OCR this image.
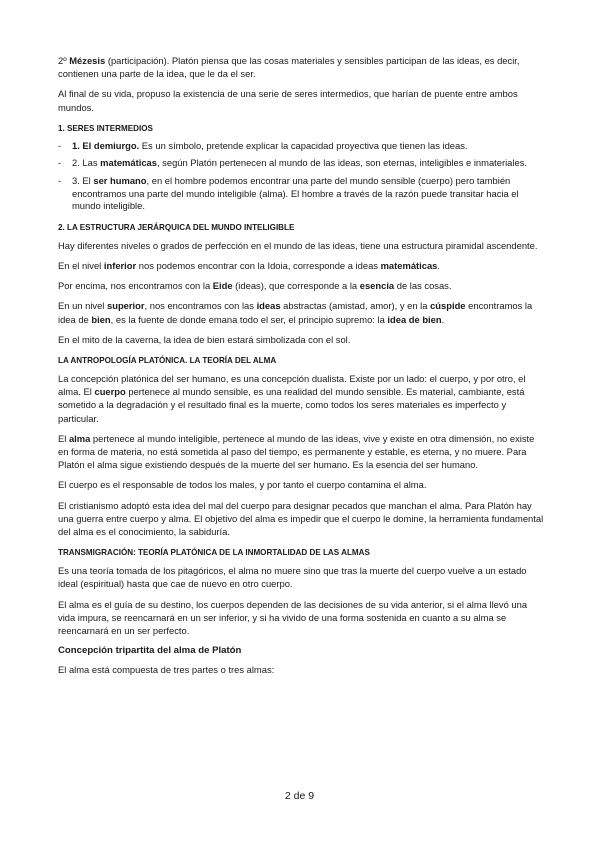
2º Mézesis (participación). Platón piensa que las cosas materiales y sensibles participan de las ideas, es decir, contienen una parte de la idea, que le da el ser.

Al final de su vida, propuso la existencia de una serie de seres intermedios, que harían de puente entre ambos mundos.

1. SERES INTERMEDIOS
- 1. El demiurgo. Es un símbolo, pretende explicar la capacidad proyectiva que tienen las ideas.
- 2. Las matemáticas, según Platón pertenecen al mundo de las ideas, son eternas, inteligibles e inmateriales.
- 3. El ser humano, en el hombre podemos encontrar una parte del mundo sensible (cuerpo) pero también encontramos una parte del mundo inteligible (alma). El hombre a través de la razón puede transitar hacia el mundo inteligible.
2. LA ESTRUCTURA JERÁRQUICA DEL MUNDO INTELIGIBLE

Hay diferentes niveles o grados de perfección en el mundo de las ideas, tiene una estructura piramidal ascendente.

En el nivel inferior nos podemos encontrar con la Idoia, corresponde a ideas matemáticas.

Por encima, nos encontramos con la Eide (ideas), que corresponde a la esencia de las cosas.

En un nivel superior, nos encontramos con las ideas abstractas (amistad, amor), y en la cúspide encontramos la idea de bien, es la fuente de donde emana todo el ser, el principio supremo: la idea de bien.

En el mito de la caverna, la idea de bien estará simbolizada con el sol.

LA ANTROPOLOGÍA PLATÓNICA. LA TEORÍA DEL ALMA

La concepción platónica del ser humano, es una concepción dualista. Existe por un lado: el cuerpo, y por otro, el alma. El cuerpo pertenece al mundo sensible, es una realidad del mundo sensible. Es material, cambiante, está sometido a la degradación y el resultado final es la muerte, como todos los seres materiales es imperfecto y particular.

El alma pertenece al mundo inteligible, pertenece al mundo de las ideas, vive y existe en otra dimensión, no existe en forma de materia, no está sometida al paso del tiempo, es permanente y estable, es eterna, y no muere. Para Platón el alma sigue existiendo después de la muerte del ser humano. Es la esencia del ser humano.

El cuerpo es el responsable de todos los males, y por tanto el cuerpo contamina el alma.

El cristianismo adoptó esta idea del mal del cuerpo para designar pecados que manchan el alma. Para Platón hay una guerra entre cuerpo y alma. El objetivo del alma es impedir que el cuerpo le domine, la herramienta fundamental del alma es el conocimiento, la sabiduría.

TRANSMIGRACIÓN: TEORÍA PLATÓNICA DE LA INMORTALIDAD DE LAS ALMAS

Es una teoría tomada de los pitagóricos, el alma no muere sino que tras la muerte del cuerpo vuelve a un estado ideal (espiritual) hasta que cae de nuevo en otro cuerpo.

El alma es el guía de su destino, los cuerpos dependen de las decisiones de su vida anterior, si el alma llevó una vida impura, se reencarnará en un ser inferior, y si ha vivido de una forma sostenida en cuanto a su alma se reencarnará en un ser perfecto.

Concepción tripartita del alma de Platón

El alma está compuesta de tres partes o tres almas:

2 de 9
